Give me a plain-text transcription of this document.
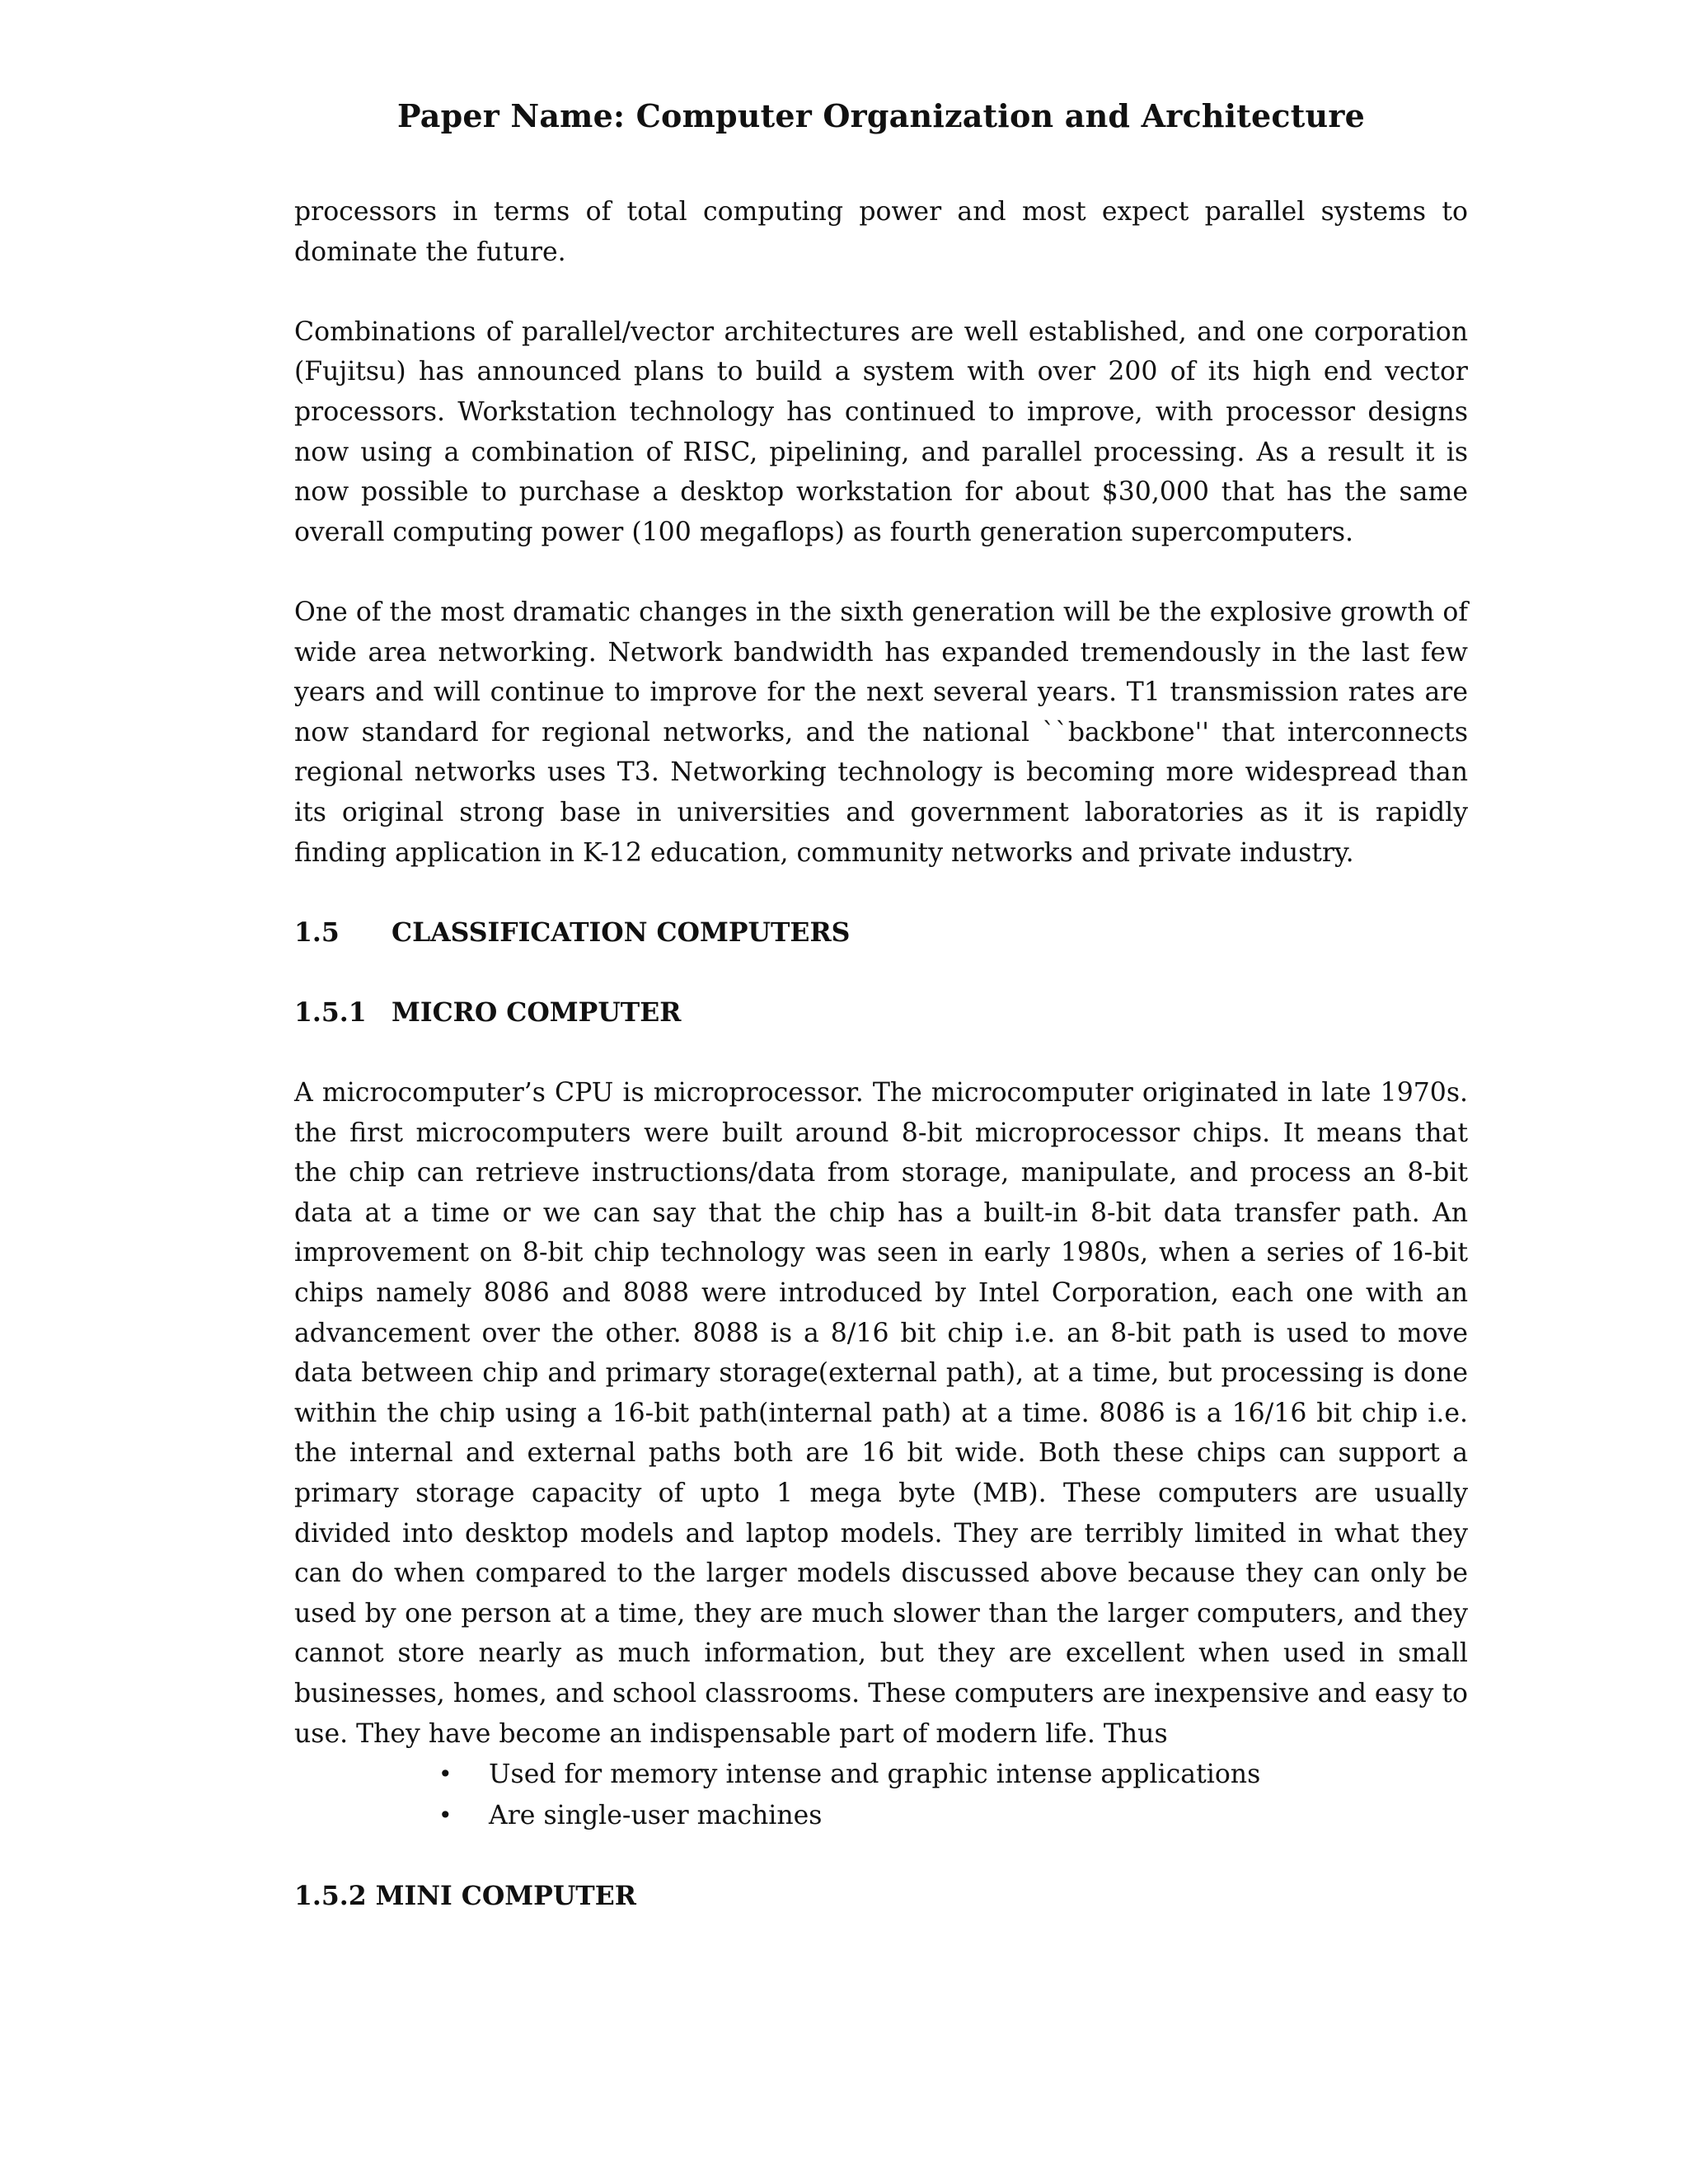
Paper Name: Computer Organization and Architecture

processors in terms of total computing power and most expect parallel systems to dominate the future.

Combinations of parallel/vector architectures are well established, and one corporation (Fujitsu) has announced plans to build a system with over 200 of its high end vector processors. Workstation technology has continued to improve, with processor designs now using a combination of RISC, pipelining, and parallel processing. As a result it is now possible to purchase a desktop workstation for about $30,000 that has the same overall computing power (100 megaflops) as fourth generation supercomputers.

One of the most dramatic changes in the sixth generation will be the explosive growth of wide area networking. Network bandwidth has expanded tremendously in the last few years and will continue to improve for the next several years. T1 transmission rates are now standard for regional networks, and the national ``backbone'' that interconnects regional networks uses T3. Networking technology is becoming more widespread than its original strong base in universities and government laboratories as it is rapidly finding application in K-12 education, community networks and private industry.

1.5	CLASSIFICATION COMPUTERS
1.5.1 MICRO COMPUTER

A microcomputer’s CPU is microprocessor. The microcomputer originated in late 1970s. the first microcomputers were built around 8-bit microprocessor chips. It means that the chip can retrieve instructions/data from storage, manipulate, and process an 8-bit data at a time or we can say that the chip has a built-in 8-bit data transfer path. An improvement on 8-bit chip technology was seen in early 1980s, when a series of 16-bit chips namely 8086 and 8088 were introduced by Intel Corporation, each one with an advancement over the other. 8088 is a 8/16 bit chip i.e. an 8-bit path is used to move data between chip and primary storage(external path), at a time, but processing is done within the chip using a 16-bit path(internal path) at a time. 8086 is a 16/16 bit chip i.e. the internal and external paths both are 16 bit wide. Both these chips can support a primary storage capacity of upto 1 mega byte (MB). These computers are usually divided into desktop models and laptop models. They are terribly limited in what they can do when compared to the larger models discussed above because they can only be used by one person at a time, they are much slower than the larger computers, and they cannot store nearly as much information, but they are excellent when used in small businesses, homes, and school classrooms. These computers are inexpensive and easy to use. They have become an indispensable part of modern life. Thus

• Used for memory intense and graphic intense applications
• Are single-user machines
1.5.2 MINI COMPUTER
